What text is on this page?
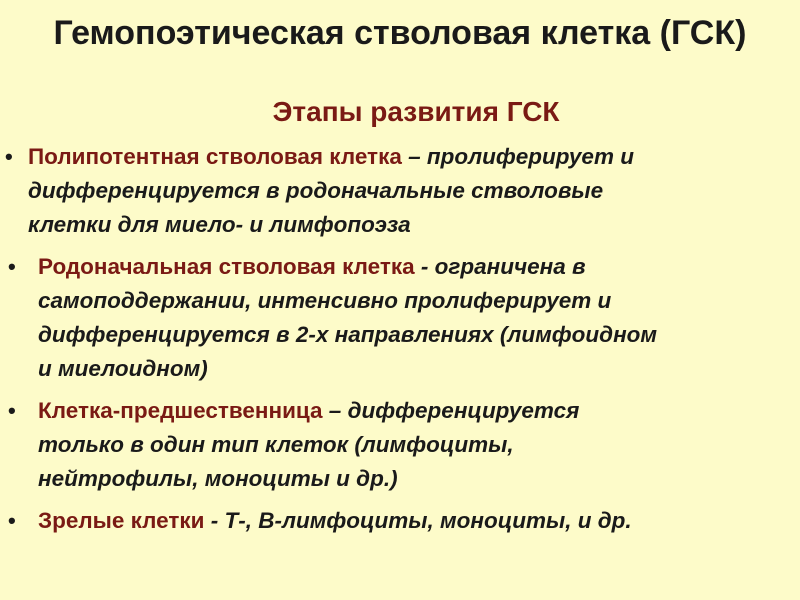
Гемопоэтическая стволовая клетка (ГСК)
Этапы развития ГСК
• Полипотентная стволовая клетка – пролиферирует и
дифференцируется в родоначальные стволовые
клетки для миело- и лимфопоэза
• Родоначальная стволовая клетка - ограничена в
самоподдержании, интенсивно пролиферирует и
дифференцируется в 2-х направлениях (лимфоидном
и миелоидном)
• Клетка-предшественница – дифференцируется
только в один тип клеток (лимфоциты,
нейтрофилы, моноциты и др.)
• Зрелые клетки - Т-, В-лимфоциты, моноциты, и др.
